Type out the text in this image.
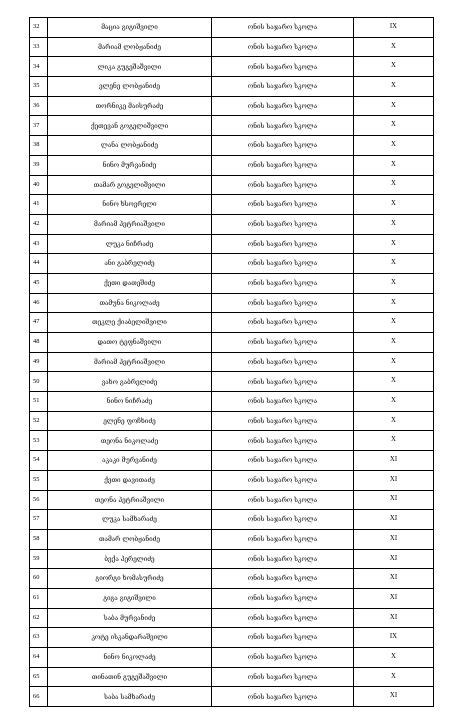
32	მაცია გიგიშვილი	ონის საჯარო სკოლა	IX
33	მარიამ ლობჟანიძე	ონის საჯარო სკოლა	X
34	ლიკა გუგეშაშვილი	ონის საჯარო სკოლა	X
35	ელენე ლობჟანიძე	ონის საჯარო სკოლა	X
36	თორნიკე მაისურაძე	ონის საჯარო სკოლა	X
37	ქეთევან გოგელიშვილი	ონის საჯარო სკოლა	X
38	ლანა ლობჟანიძე	ონის საჯარო სკოლა	X
39	ნინო მურვანიძე	ონის საჯარო სკოლა	X
40	თამარ გოგელიშვილი	ონის საჯარო სკოლა	X
41	ნინო ხსოვრელი	ონის საჯარო სკოლა	X
42	მარიამ პეტრიაშვილი	ონის საჯარო სკოლა	X
43	ლუკა ნიჩრაძე	ონის საჯარო სკოლა	X
44	ანი გაბრელიძე	ონის საჯარო სკოლა	X
45	ქეთი დათეშიძე	ონის საჯარო სკოლა	X
46	თამუნა ნიკოლაძე	ონის საჯარო სკოლა	X
47	თეკლე ქიაბელიშვილი	ონის საჯარო სკოლა	X
48	დათო ტეფნაშვილი	ონის საჯარო სკოლა	X
49	მარიამ პეტრიაშვილი	ონის საჯარო სკოლა	X
50	ვახო გაბრელიძე	ონის საჯარო სკოლა	X
51	ნინო ნიჩრაძე	ონის საჯარო სკოლა	X
52	ელენე ფოჩხიძე	ონის საჯარო სკოლა	X
53	თეონა ნიკოლაძე	ონის საჯარო სკოლა	X
54	აკაკი მურვანიძე	ონის საჯარო სკოლა	XI
55	ქეთი დავითაძე	ონის საჯარო სკოლა	XI
56	თეონა პეტრიაშვილი	ონის საჯარო სკოლა	XI
57	ლუკა სამხარაძე	ონის საჯარო სკოლა	XI
58	თამარ ლობჟანიძე	ონის საჯარო სკოლა	XI
59	ბექა პერელიძე	ონის საჯარო სკოლა	XI
60	გიორგი ხომასურიძე	ონის საჯარო სკოლა	XI
61	გიგა გიგიშვილი	ონის საჯარო სკოლა	XI
62	საბა მურვანიძე	ონის საჯარო სკოლა	XI
63	კოტე ისკანდარაშვილი	ონის საჯარო სკოლა	IX
64	ნინო ნიკოლაძე	ონის საჯარო სკოლა	X
65	თინათინ გუგეშაშვილი	ონის საჯარო სკოლა	X
66	საბა სამხარაძე	ონის საჯარო სკოლა	XI
